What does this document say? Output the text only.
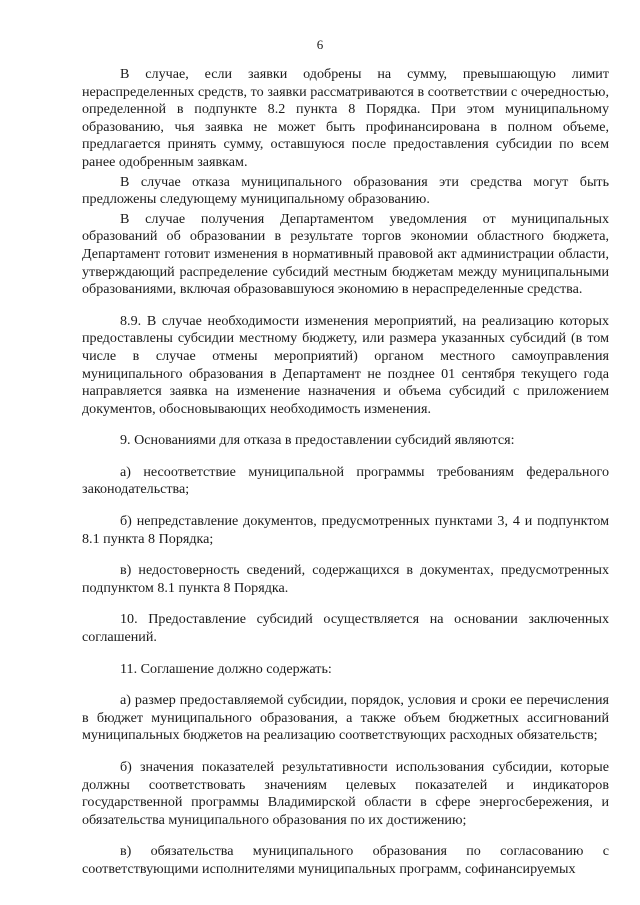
6

В случае, если заявки одобрены на сумму, превышающую лимит нераспределенных средств, то заявки рассматриваются в соответствии с очередностью, определенной в подпункте 8.2 пункта 8 Порядка. При этом муниципальному образованию, чья заявка не может быть профинансирована в полном объеме, предлагается принять сумму, оставшуюся после предоставления субсидии по всем ранее одобренным заявкам.

В случае отказа муниципального образования эти средства могут быть предложены следующему муниципальному образованию.

В случае получения Департаментом уведомления от муниципальных образований об образовании в результате торгов экономии областного бюджета, Департамент готовит изменения в нормативный правовой акт администрации области, утверждающий распределение субсидий местным бюджетам между муниципальными образованиями, включая образовавшуюся экономию в нераспределенные средства.

8.9. В случае необходимости изменения мероприятий, на реализацию которых предоставлены субсидии местному бюджету, или размера указанных субсидий (в том числе в случае отмены мероприятий) органом местного самоуправления муниципального образования в Департамент не позднее 01 сентября текущего года направляется заявка на изменение назначения и объема субсидий с приложением документов, обосновывающих необходимость изменения.

9. Основаниями для отказа в предоставлении субсидий являются:

а) несоответствие муниципальной программы требованиям федерального законодательства;

б) непредставление документов, предусмотренных пунктами 3, 4 и подпунктом 8.1 пункта 8 Порядка;

в) недостоверность сведений, содержащихся в документах, предусмотренных подпунктом 8.1 пункта 8 Порядка.

10. Предоставление субсидий осуществляется на основании заключенных соглашений.

11. Соглашение должно содержать:

а) размер предоставляемой субсидии, порядок, условия и сроки ее перечисления в бюджет муниципального образования, а также объем бюджетных ассигнований муниципальных бюджетов на реализацию соответствующих расходных обязательств;

б) значения показателей результативности использования субсидии, которые должны соответствовать значениям целевых показателей и индикаторов государственной программы Владимирской области в сфере энергосбережения, и обязательства муниципального образования по их достижению;

в) обязательства муниципального образования по согласованию с соответствующими исполнителями муниципальных программ, софинансируемых
